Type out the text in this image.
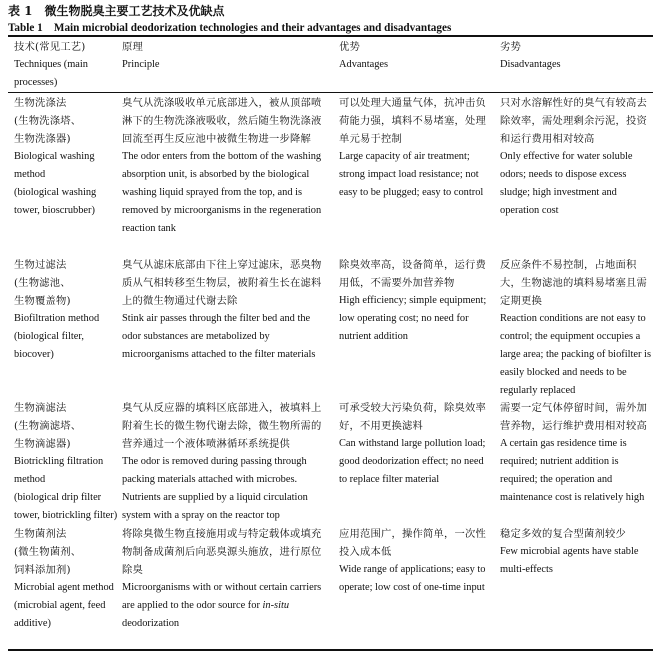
表 1　微生物脱臭主要工艺技术及优缺点
Table 1　Main microbial deodorization technologies and their advantages and disadvantages
技术(常见工艺)
Techniques (main processes)
原理
Principle
优势
Advantages
劣势
Disadvantages
生物洗涤法
(生物洗涤塔、
生物洗涤器)
Biological washing method
(biological washing tower, bioscrubber)
臭气从洗涤吸收单元底部进入，被从顶部喷淋下的生物洗涤液吸收，然后随生物洗涤液回流至再生反应池中被微生物进一步降解
The odor enters from the bottom of the washing absorption unit, is absorbed by the biological washing liquid sprayed from the top, and is removed by microorganisms in the regeneration reaction tank
可以处理大通量气体，抗冲击负荷能力强，填料不易堵塞，处理单元易于控制
Large capacity of air treatment; strong impact load resistance; not easy to be plugged; easy to control
只对水溶解性好的臭气有较高去除效率，需处理剩余污泥，投资和运行费用相对较高
Only effective for water soluble odors; needs to dispose excess sludge; high investment and operation cost
生物过滤法
(生物滤池、
生物覆盖物)
Biofiltration method
(biological filter, biocover)
臭气从滤床底部由下往上穿过滤床，恶臭物质从气相转移至生物层，被附着生长在滤料上的微生物通过代谢去除
Stink air passes through the filter bed and the odor substances are metabolized by microorganisms attached to the filter materials
除臭效率高，设备简单，运行费用低，不需要外加营养物
High efficiency; simple equipment; low operating cost; no need for nutrient addition
反应条件不易控制，占地面积大，生物滤池的填料易堵塞且需定期更换
Reaction conditions are not easy to control; the equipment occupies a large area; the packing of biofilter is easily blocked and needs to be regularly replaced
生物滴滤法
(生物滴滤塔、
生物滴滤器)
Biotrickling filtration method
(biological drip filter tower, biotrickling filter)
臭气从反应器的填料区底部进入，被填料上附着生长的微生物代谢去除，微生物所需的营养通过一个液体喷淋循环系统提供
The odor is removed during passing through packing materials attached with microbes. Nutrients are supplied by a liquid circulation system with a spray on the reactor top
可承受较大污染负荷，除臭效率好，不用更换滤料
Can withstand large pollution load; good deodorization effect; no need to replace filter material
需要一定气体停留时间，需外加营养物，运行维护费用相对较高
A certain gas residence time is required; nutrient addition is required; the operation and maintenance cost is relatively high
生物菌剂法
(微生物菌剂、
饲料添加剂)
Microbial agent method
(microbial agent, feed additive)
将除臭微生物直接施用或与特定载体或填充物制备成菌剂后向恶臭源头施放，进行原位除臭
Microorganisms with or without certain carriers are applied to the odor source for in-situ deodorization
应用范围广，操作简单，一次性投入成本低
Wide range of applications; easy to operate; low cost of one-time input
稳定多效的复合型菌剂较少
Few microbial agents have stable multi-effects
